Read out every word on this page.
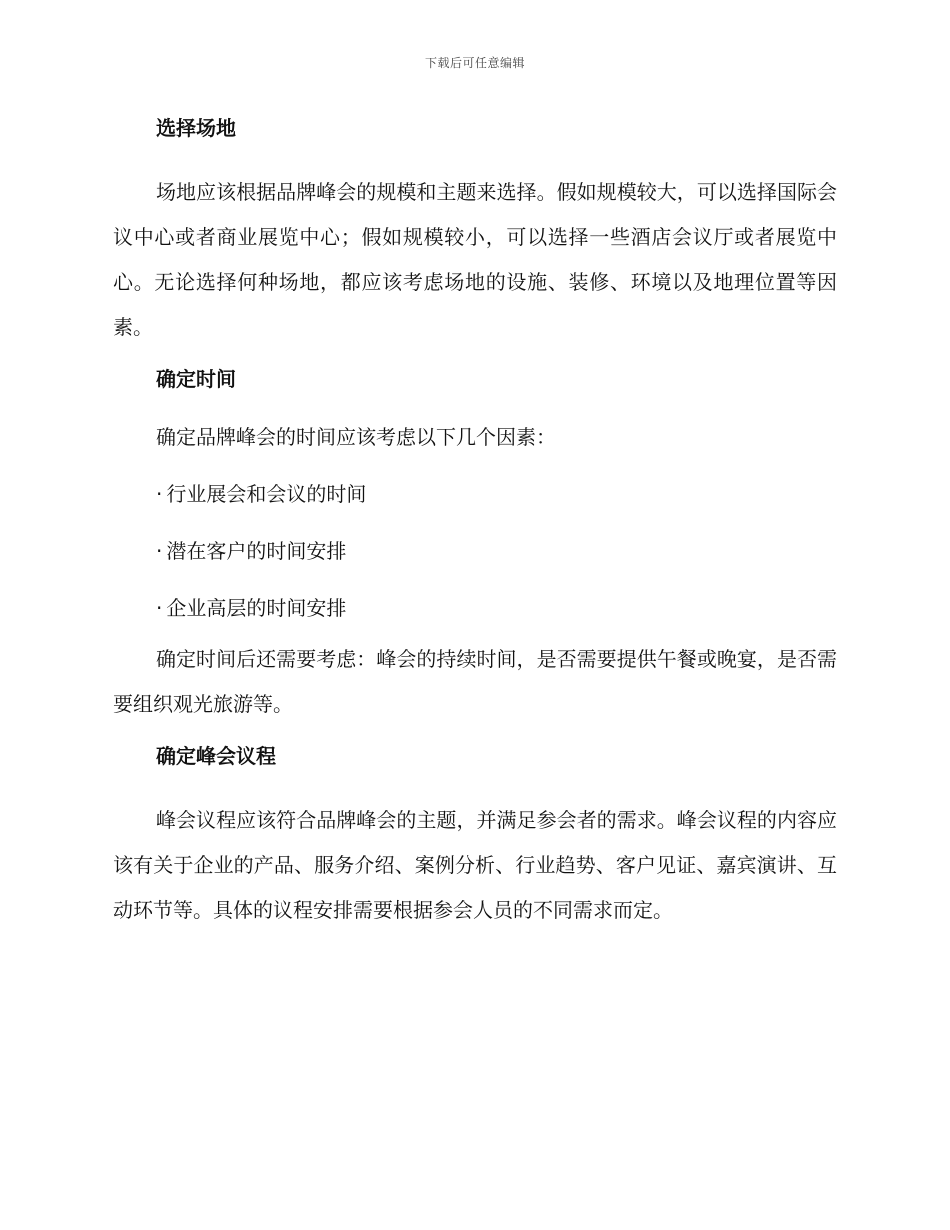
下载后可任意编辑
选择场地

场地应该根据品牌峰会的规模和主题来选择。假如规模较大，可以选择国际会议中心或者商业展览中心；假如规模较小，可以选择一些酒店会议厅或者展览中心。无论选择何种场地，都应该考虑场地的设施、装修、环境以及地理位置等因素。

确定时间
确定品牌峰会的时间应该考虑以下几个因素：
· 行业展会和会议的时间
· 潜在客户的时间安排
· 企业高层的时间安排

确定时间后还需要考虑：峰会的持续时间，是否需要提供午餐或晚宴，是否需要组织观光旅游等。

确定峰会议程

峰会议程应该符合品牌峰会的主题，并满足参会者的需求。峰会议程的内容应该有关于企业的产品、服务介绍、案例分析、行业趋势、客户见证、嘉宾演讲、互动环节等。具体的议程安排需要根据参会人员的不同需求而定。
